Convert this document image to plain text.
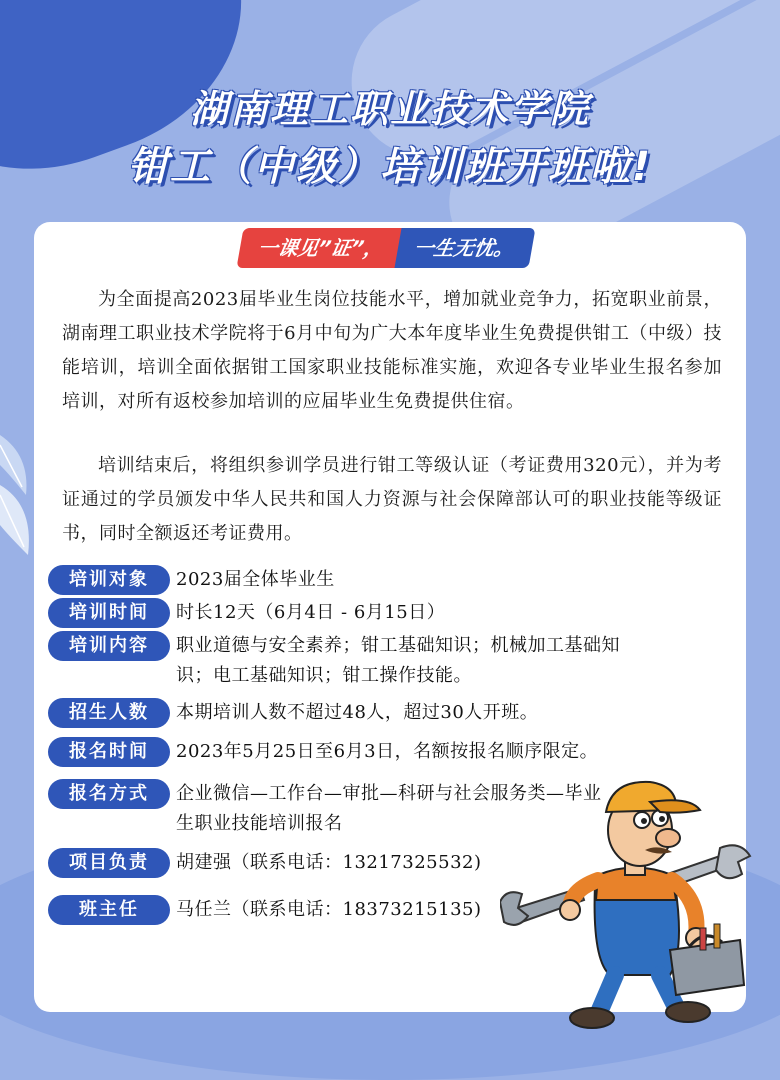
湖南理工职业技术学院
钳工（中级）培训班开班啦!
一课见”证”，	一生无忧。

为全面提高2023届毕业生岗位技能水平，增加就业竞争力，拓宽职业前景，湖南理工职业技术学院将于6月中旬为广大本年度毕业生免费提供钳工（中级）技能培训，培训全面依据钳工国家职业技能标准实施，欢迎各专业毕业生报名参加培训，对所有返校参加培训的应届毕业生免费提供住宿。

培训结束后，将组织参训学员进行钳工等级认证（考证费用320元），并为考证通过的学员颁发中华人民共和国人力资源与社会保障部认可的职业技能等级证书，同时全额返还考证费用。

培训对象	2023届全体毕业生
培训时间	时长12天（6月4日 - 6月15日）
培训内容	职业道德与安全素养；钳工基础知识；机械加工基础知识；电工基础知识；钳工操作技能。
招生人数	本期培训人数不超过48人，超过30人开班。
报名时间	2023年5月25日至6月3日，名额按报名顺序限定。
报名方式	企业微信—工作台—审批—科研与社会服务类—毕业生职业技能培训报名
项目负责	胡建强（联系电话：13217325532)
班主任	马任兰（联系电话：18373215135)
